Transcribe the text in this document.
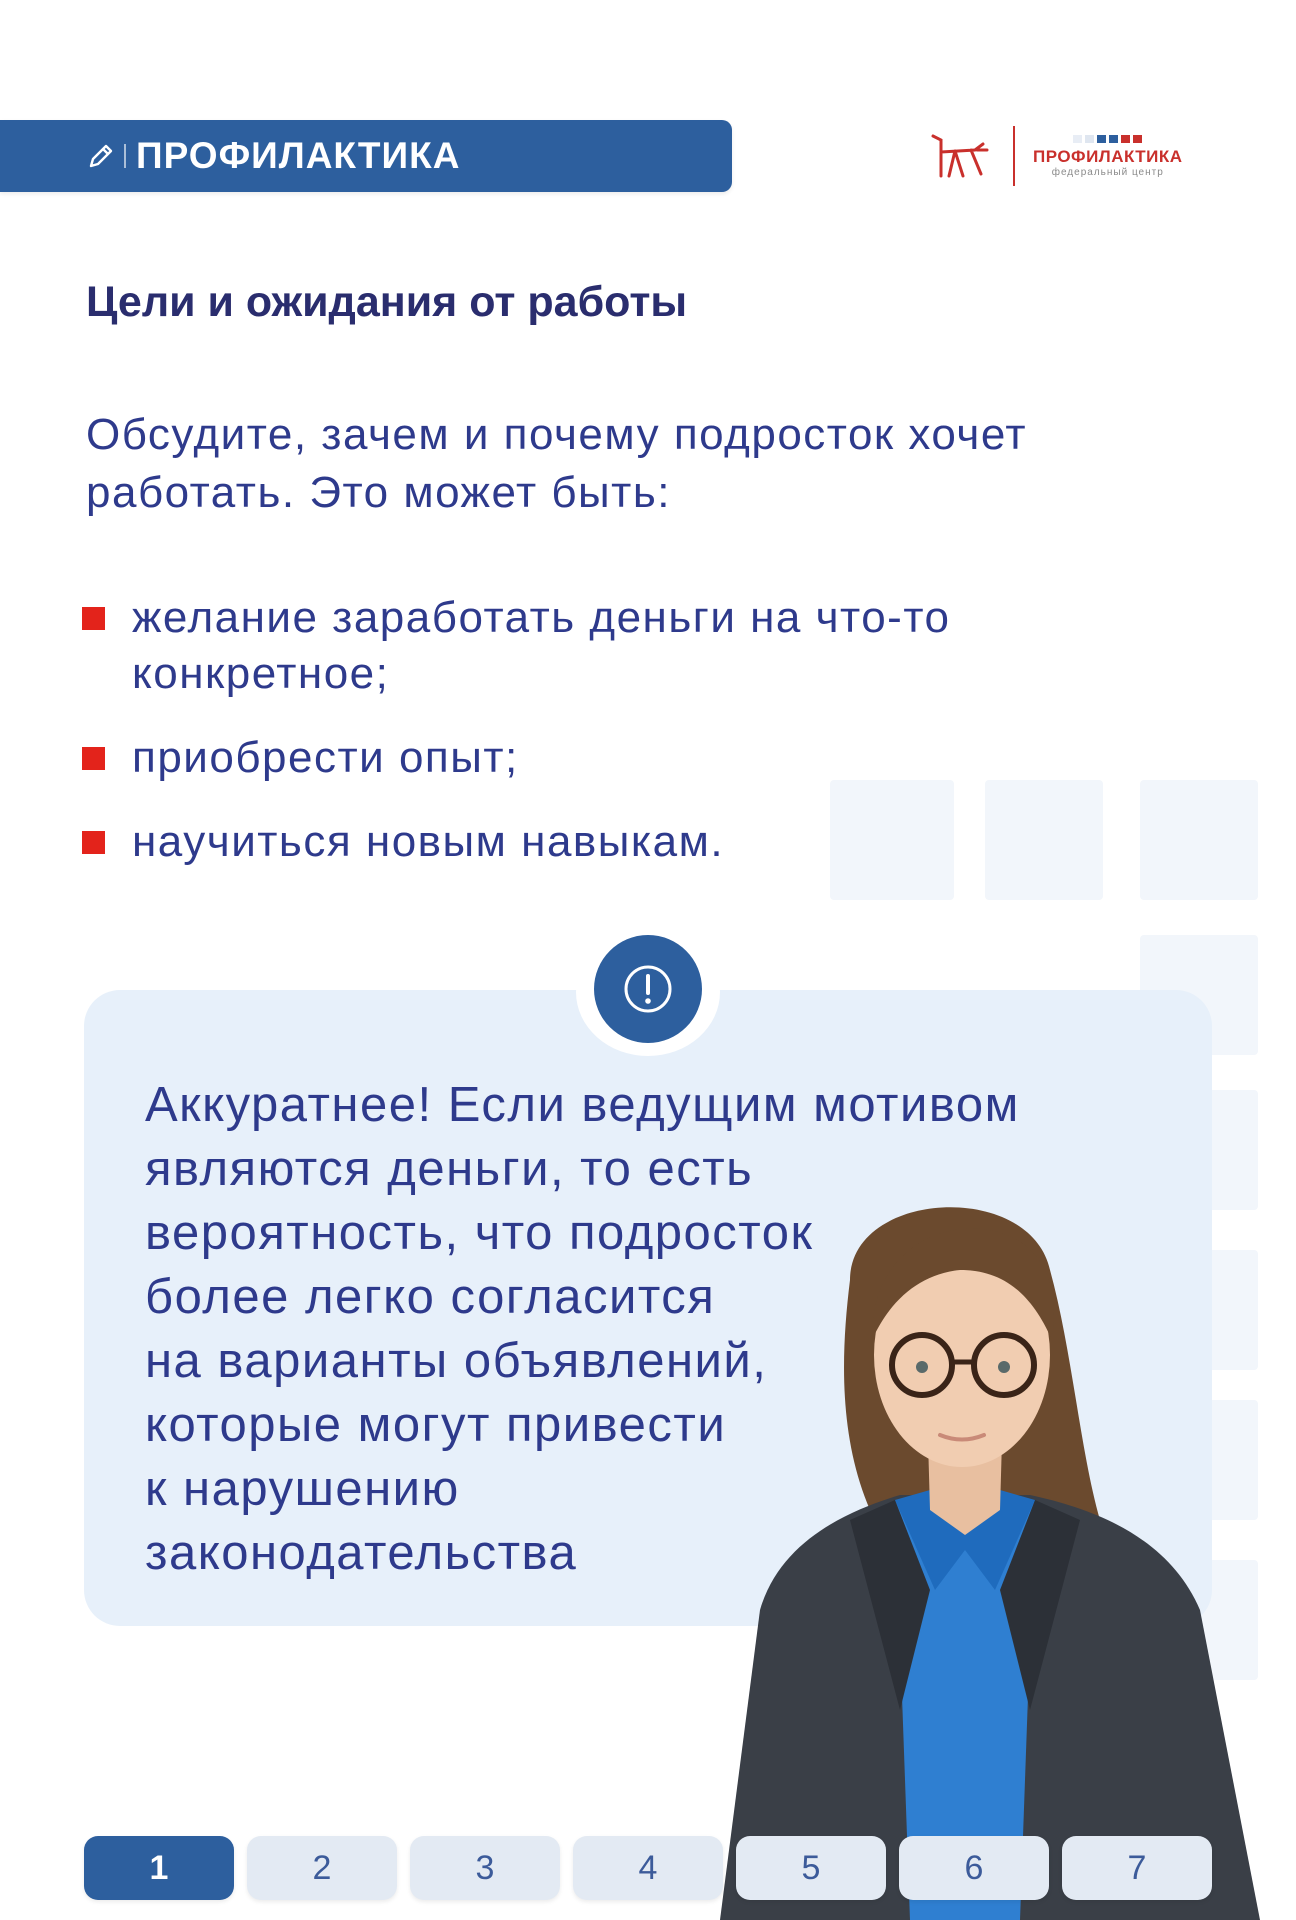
ПРОФИЛАКТИКА	ПРОФИЛАКТИКА
федеральный центр
Цели и ожидания от работы

Обсудите, зачем и почему подросток хочет работать. Это может быть:

желание заработать деньги на что-то конкретное;
приобрести опыт;
научиться новым навыкам.

Аккуратнее! Если ведущим мотивом
являются деньги, то есть
вероятность, что подросток
более легко согласится
на варианты объявлений,
которые могут привести
к нарушению
законодательства

1	2	3	4	5	6	7
